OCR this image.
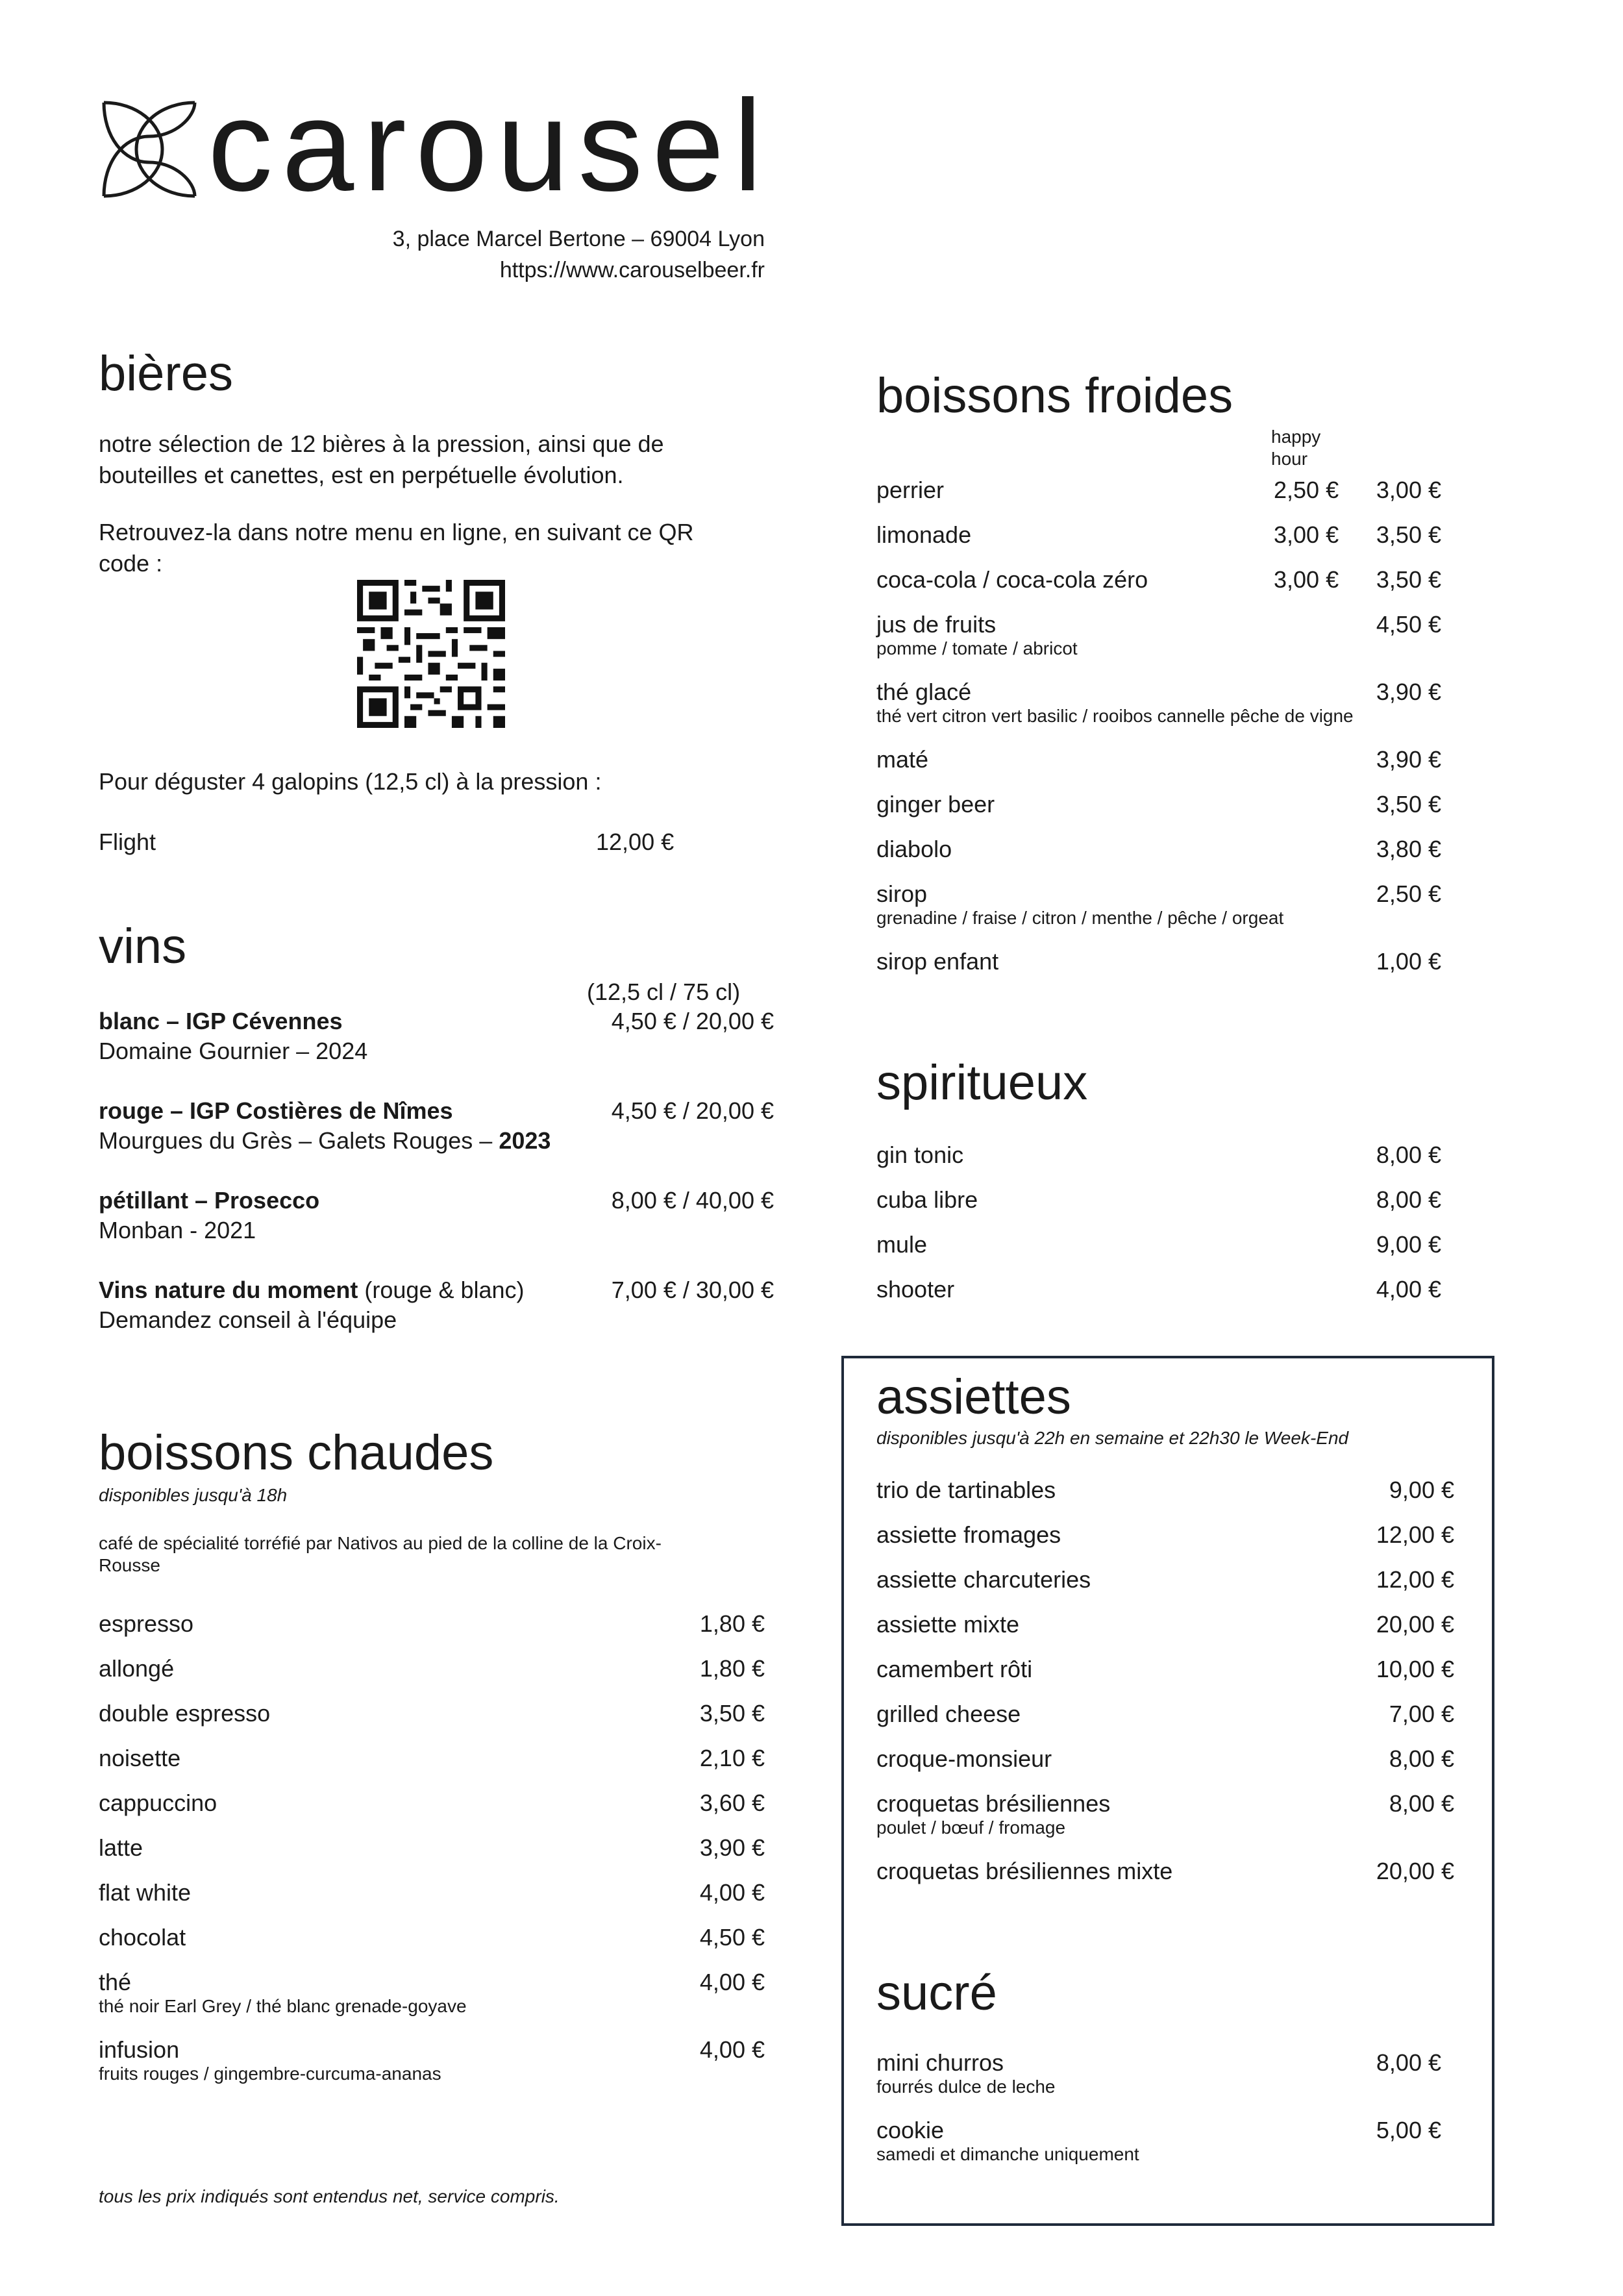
carousel
3, place Marcel Bertone – 69004 Lyon
https://www.carouselbeer.fr
bières
notre sélection de 12 bières à la pression, ainsi que de bouteilles et canettes, est en perpétuelle évolution.
Retrouvez-la dans notre menu en ligne, en suivant ce QR code :
Pour déguster 4 galopins (12,5 cl) à la pression :
Flight	12,00 €
vins
(12,5 cl / 75 cl)
blanc – IGP Cévennes
Domaine Gournier – 2024
4,50 € / 20,00 €
rouge – IGP Costières de Nîmes
Mourgues du Grès – Galets Rouges – 2023
4,50 € / 20,00 €
pétillant – Prosecco
Monban - 2021
8,00 € / 40,00 €
Vins nature du moment (rouge & blanc)
Demandez conseil à l'équipe
7,00 € / 30,00 €
boissons chaudes
disponibles jusqu'à 18h
café de spécialité torréfié par Nativos au pied de la colline de la Croix-Rousse
espresso	1,80 €
allongé	1,80 €
double espresso	3,50 €
noisette	2,10 €
cappuccino	3,60 €
latte	3,90 €
flat white	4,00 €
chocolat	4,50 €
thé
thé noir Earl Grey / thé blanc grenade-goyave
4,00 €
infusion
fruits rouges / gingembre-curcuma-ananas
4,00 €
tous les prix indiqués sont entendus net, service compris.
boissons froides
happy hour
perrier	2,50 € 3,00 €
limonade	3,00 € 3,50 €
coca-cola / coca-cola zéro	3,00 € 3,50 €
jus de fruits
pomme / tomate / abricot
4,50 €
thé glacé
thé vert citron vert basilic / rooibos cannelle pêche de vigne
3,90 €
maté	3,90 €
ginger beer	3,50 €
diabolo	3,80 €
sirop
grenadine / fraise / citron / menthe / pêche / orgeat
2,50 €
sirop enfant	1,00 €
spiritueux
gin tonic	8,00 €
cuba libre	8,00 €
mule	9,00 €
shooter	4,00 €
assiettes
disponibles jusqu'à 22h en semaine et 22h30 le Week-End
trio de tartinables	9,00 €
assiette fromages	12,00 €
assiette charcuteries	12,00 €
assiette mixte	20,00 €
camembert rôti	10,00 €
grilled cheese	7,00 €
croque-monsieur	8,00 €
croquetas brésiliennes
poulet / bœuf / fromage
8,00 €
croquetas brésiliennes mixte	20,00 €
sucré
mini churros
fourrés dulce de leche
8,00 €
cookie
samedi et dimanche uniquement
5,00 €
